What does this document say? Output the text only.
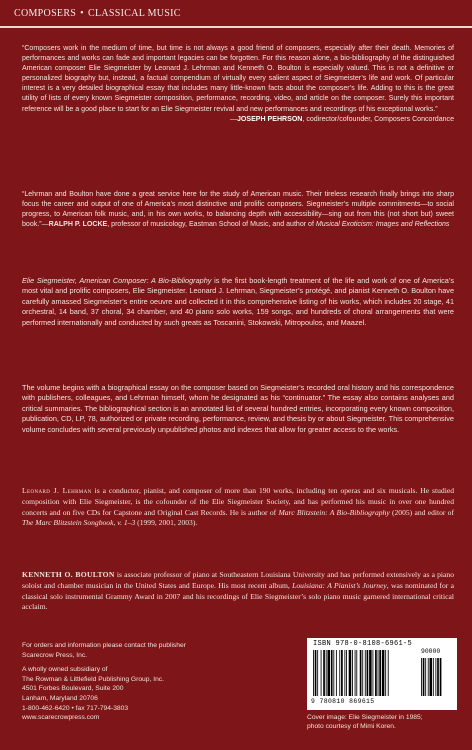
COMPOSERS • CLASSICAL MUSIC

“Composers work in the medium of time, but time is not always a good friend of composers, especially after their death. Memories of performances and works can fade and important legacies can be forgotten. For this reason alone, a bio-bibliography of the distinguished American composer Elie Siegmeister by Leonard J. Lehrman and Kenneth O. Boulton is especially valued. This is not a definitive or personalized biography but, instead, a factual compendium of virtually every salient aspect of Siegmeister’s life and work. Of particular interest is a very detailed biographical essay that includes many little-known facts about the composer’s life. Adding to this is the great utility of lists of every known Siegmeister composition, performance, recording, video, and article on the composer. Surely this important reference will be a good place to start for an Elie Siegmeister revival and new performances and recordings of his exceptional works.”

—JOSEPH PEHRSON, codirector/cofounder, Composers Concordance

“Lehrman and Boulton have done a great service here for the study of American music. Their tireless research finally brings into sharp focus the career and output of one of America’s most distinctive and prolific composers. Siegmeister’s multiple commitments—to social progress, to American folk music, and, in his own works, to balancing depth with accessibility—sing out from this (not short but) sweet book.”—RALPH P. LOCKE, professor of musicology, Eastman School of Music, and author of Musical Exoticism: Images and Reflections

Elie Siegmeister, American Composer: A Bio-Bibliography is the first book-length treatment of the life and work of one of America’s most vital and prolific composers, Elie Siegmeister. Leonard J. Lehrman, Siegmeister’s protégé, and pianist Kenneth O. Boulton have carefully amassed Siegmeister’s entire oeuvre and collected it in this comprehensive listing of his works, which includes 20 stage, 41 orchestral, 14 band, 37 choral, 34 chamber, and 40 piano solo works, 159 songs, and hundreds of choral arrangements that were performed internationally and conducted by such greats as Toscanini, Stokowski, Mitropoulos, and Maazel.

The volume begins with a biographical essay on the composer based on Siegmeister’s recorded oral history and his correspondence with publishers, colleagues, and Lehrman himself, whom he designated as his “continuator.” The essay also contains analyses and critical summaries. The bibliographical section is an annotated list of several hundred entries, incorporating every known composition, publication, CD, LP, 78, authorized or private recording, performance, review, and thesis by or about Siegmeister. This comprehensive volume concludes with several previously unpublished photos and indexes that allow for greater access to the works.

Leonard J. Lehrman is a conductor, pianist, and composer of more than 190 works, including ten operas and six musicals. He studied composition with Elie Siegmeister, is the cofounder of the Elie Siegmeister Society, and has performed his music in over one hundred concerts and on five CDs for Capstone and Original Cast Records. He is author of Marc Blitzstein: A Bio-Bibliography (2005) and editor of The Marc Blitzstein Songbook, v. 1–3 (1999, 2001, 2003).

KENNETH O. BOULTON is associate professor of piano at Southeastern Louisiana University and has performed extensively as a piano soloist and chamber musician in the United States and Europe. His most recent album, Louisiana: A Pianist’s Journey, was nominated for a classical solo instrumental Grammy Award in 2007 and his recordings of Elie Siegmeister’s solo piano music garnered international critical acclaim.

For orders and information please contact the publisher
Scarecrow Press, Inc.
A wholly owned subsidiary of
The Rowman & Littlefield Publishing Group, Inc.
4501 Forbes Boulevard, Suite 200
Lanham, Maryland 20706
1-800-462-6420 • fax 717-794-3803
www.scarecrowpress.com
ISBN 978-0-8108-6961-5
9 780810 869615
90000
Cover image: Elie Siegmeister in 1985;
photo courtesy of Mimi Koren.
